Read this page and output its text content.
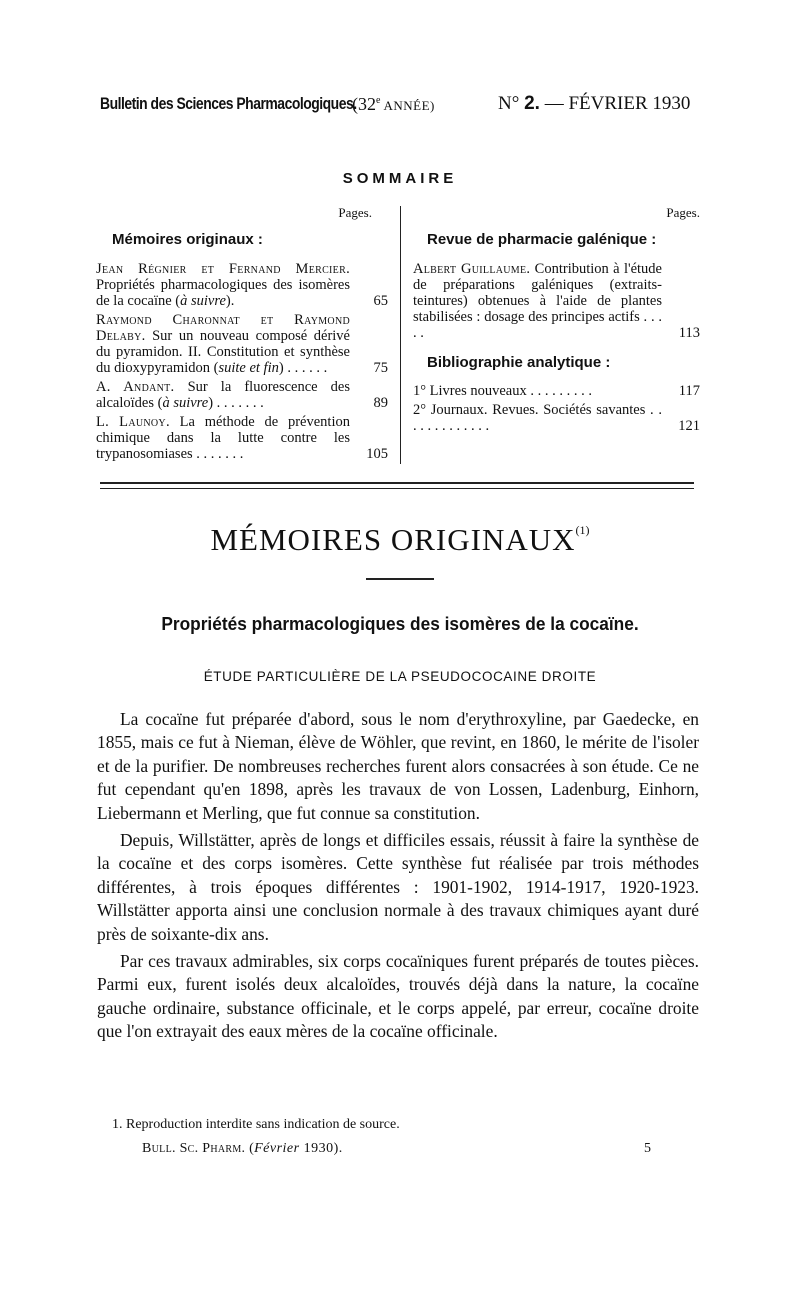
Bulletin des Sciences Pharmacologiques.
(32e ANNÉE)	N° 2. — FÉVRIER 1930
SOMMAIRE
Pages.
Mémoires originaux :
Jean Régnier et Fernand Mercier. Propriétés pharmacologiques des isomères de la cocaïne (à suivre).	65
Raymond Charonnat et Raymond Delaby. Sur un nouveau composé dérivé du pyramidon. II. Constitution et synthèse du dioxypyramidon (suite et fin) . . . . . .	75
A. Andant. Sur la fluorescence des alcaloïdes (à suivre) . . . . . . .	89
L. Launoy. La méthode de prévention chimique dans la lutte contre les trypanosomiases . . . . . . .	105
Pages.
Revue de pharmacie galénique :
Albert Guillaume. Contribution à l'étude de préparations galéniques (extraits-teintures) obtenues à l'aide de plantes stabilisées : dosage des principes actifs . . . . .	113
Bibliographie analytique :
1° Livres nouveaux . . . . . . . . .	117
2° Journaux. Revues. Sociétés savantes . . . . . . . . . . . . .	121
MÉMOIRES ORIGINAUX$^{(1)}$
Propriétés pharmacologiques des isomères de la cocaïne.
ÉTUDE PARTICULIÈRE DE LA PSEUDOCOCAINE DROITE

La cocaïne fut préparée d'abord, sous le nom d'erythroxyline, par Gaedecke, en 1855, mais ce fut à Nieman, élève de Wöhler, que revint, en 1860, le mérite de l'isoler et de la purifier. De nombreuses recherches furent alors consacrées à son étude. Ce ne fut cependant qu'en 1898, après les travaux de von Lossen, Ladenburg, Einhorn, Liebermann et Merling, que fut connue sa constitution.

Depuis, Willstätter, après de longs et difficiles essais, réussit à faire la synthèse de la cocaïne et des corps isomères. Cette synthèse fut réalisée par trois méthodes différentes, à trois époques différentes : 1901-1902, 1914-1917, 1920-1923. Willstätter apporta ainsi une conclusion normale à des travaux chimiques ayant duré près de soixante-dix ans.

Par ces travaux admirables, six corps cocaïniques furent préparés de toutes pièces. Parmi eux, furent isolés deux alcaloïdes, trouvés déjà dans la nature, la cocaïne gauche ordinaire, substance officinale, et le corps appelé, par erreur, cocaïne droite que l'on extrayait des eaux mères de la cocaïne officinale.

1. Reproduction interdite sans indication de source.
Bull. Sc. Pharm. (Février 1930).	5
